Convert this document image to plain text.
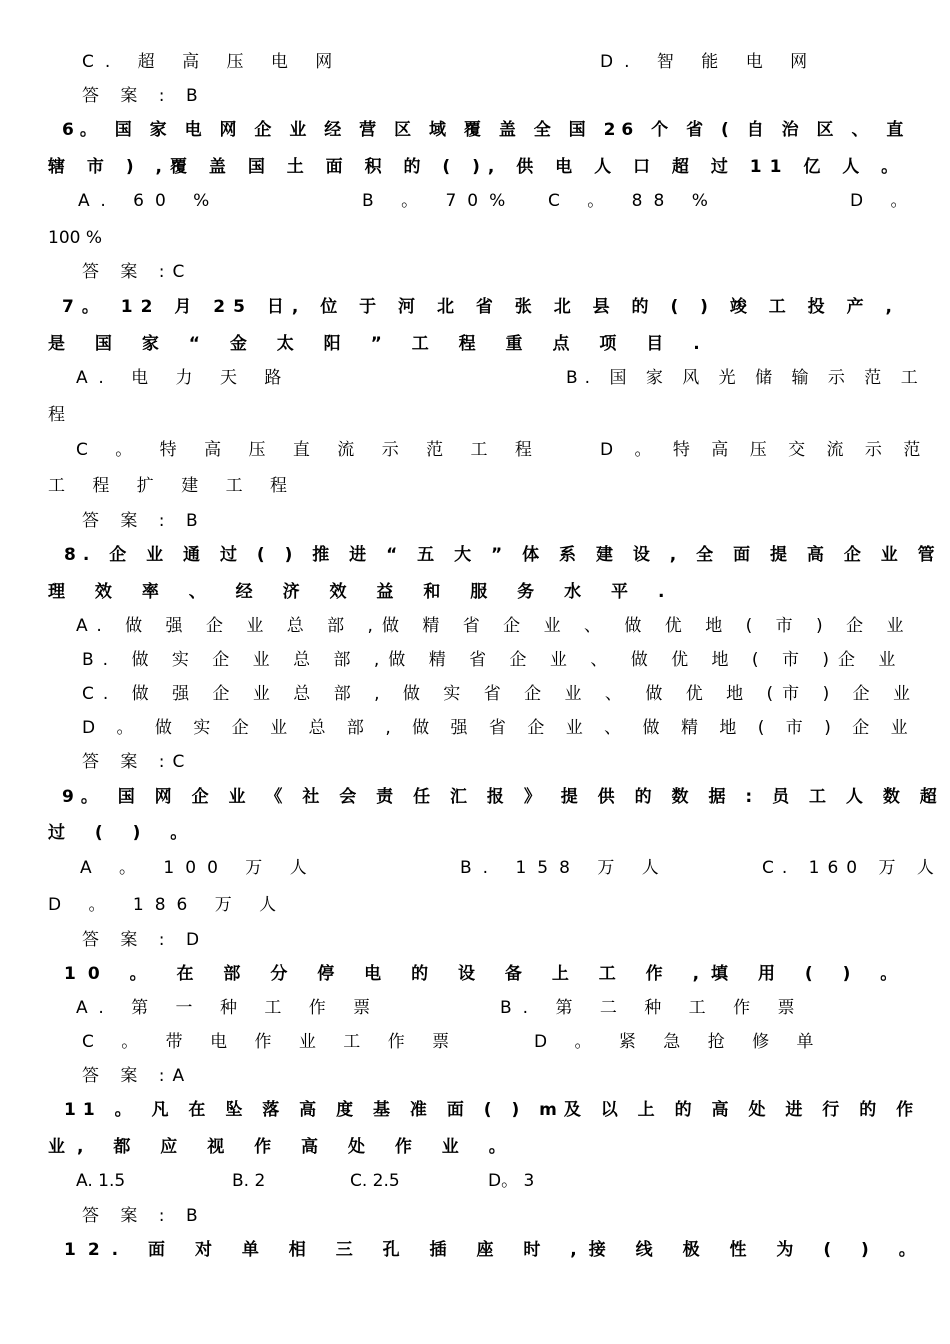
C. 超 高 压 电 网	D. 智 能 电 网
答 案 : B
6。 国 家 电 网 企 业 经 营 区 域 覆 盖 全 国 26 个 省 ( 自 治 区 、 直
辖 市 ) ,覆 盖 国 土 面 积 的 ( ), 供 电 人 口 超 过 11 亿 人 。
A. 60 %	B 。 70% C 。 88 %	D 。
100 %
答 案 :C
7。 12 月 25 日, 位 于 河 北 省 张 北 县 的 ( ) 竣 工 投 产 ,
是 国 家 “ 金 太 阳 ” 工 程 重 点 项 目 .
A. 电 力 天 路	B. 国 家 风 光 储 输 示 范 工
程
C 。 特 高 压 直 流 示 范 工 程	D 。 特 高 压 交 流 示 范
工 程 扩 建 工 程
答 案 : B
8. 企 业 通 过 ( ) 推 进 “ 五 大 ” 体 系 建 设 , 全 面 提 高 企 业 管
理 效 率 、 经 济 效 益 和 服 务 水 平 .
A. 做 强 企 业 总 部 ,做 精 省 企 业 、 做 优 地 ( 市 ) 企 业
B. 做 实 企 业 总 部 ,做 精 省 企 业 、 做 优 地 ( 市 )企 业
C. 做 强 企 业 总 部 , 做 实 省 企 业 、 做 优 地 (市 ) 企 业
D 。 做 实 企 业 总 部 , 做 强 省 企 业 、 做 精 地 ( 市 ) 企 业
答 案 :C
9。 国 网 企 业 《 社 会 责 任 汇 报 》 提 供 的 数 据 : 员 工 人 数 超
过 ( ) 。
A 。 100 万 人	B. 158 万 人	C. 160 万 人
D 。 186 万 人
答 案 : D
10 。 在 部 分 停 电 的 设 备 上 工 作 ,填 用 ( ) 。
A. 第 一 种 工 作 票	B. 第 二 种 工 作 票
C 。 带 电 作 业 工 作 票	D 。 紧 急 抢 修 单
答 案 :A
11 。 凡 在 坠 落 高 度 基 准 面 ( ) m及 以 上 的 高 处 进 行 的 作
业, 都 应 视 作 高 处 作 业 。
A. 1.5	B. 2	C. 2.5	D。 3
答 案 : B
12. 面 对 单 相 三 孔 插 座 时 ,接 线 极 性 为 ( ) 。
